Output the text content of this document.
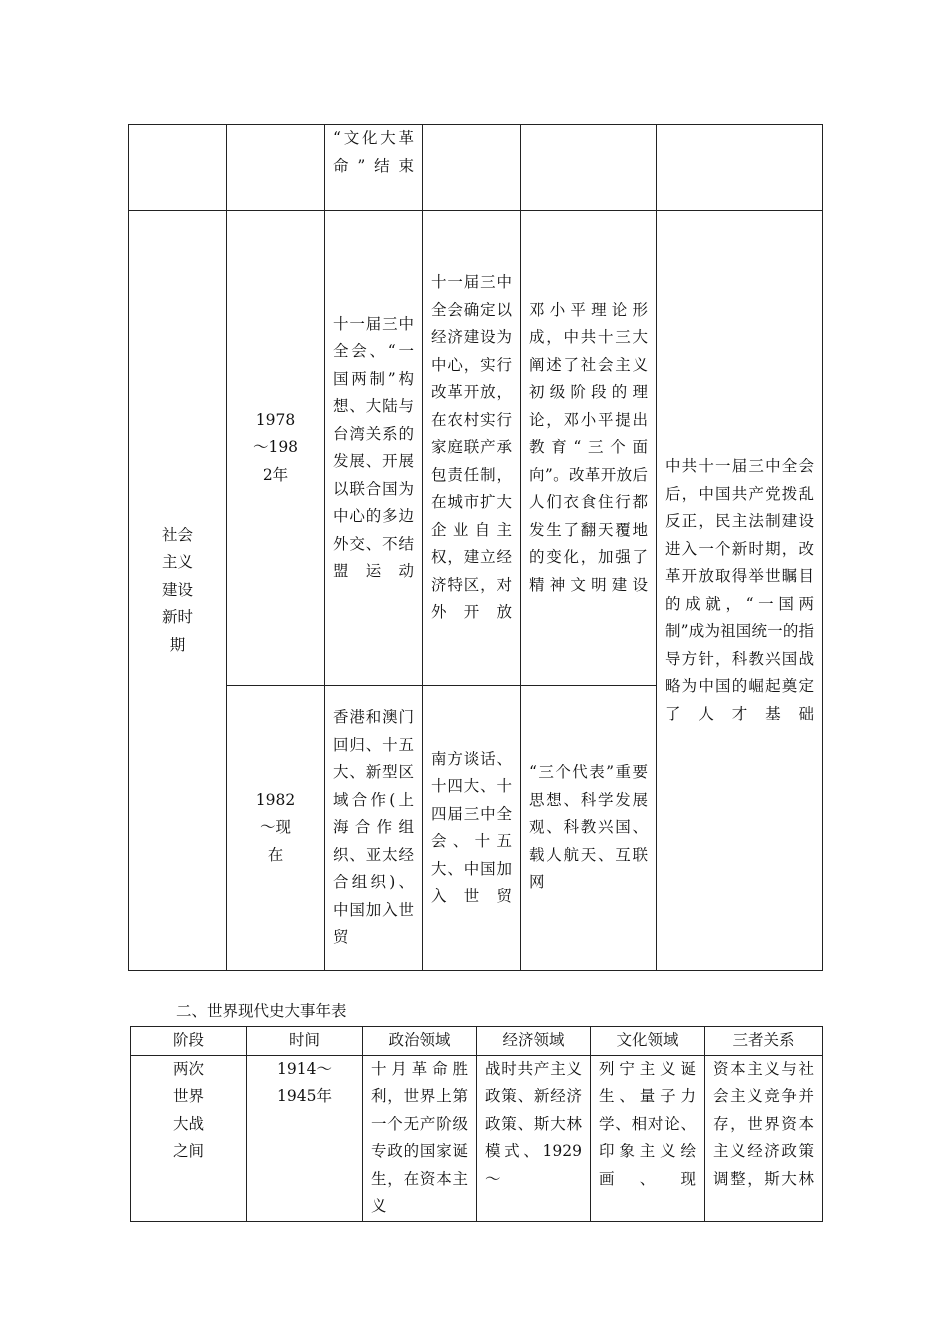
		“文化大革命”结束			
社会主义建设新时期	1978～1982年	十一届三中全会、“一国两制”构想、大陆与台湾关系的发展、开展以联合国为中心的多边外交、不结盟运动	十一届三中全会确定以经济建设为中心，实行改革开放，在农村实行家庭联产承包责任制，在城市扩大企业自主权，建立经济特区，对外开放	邓小平理论形成，中共十三大阐述了社会主义初级阶段的理论，邓小平提出教育“三个面向”。改革开放后人们衣食住行都发生了翻天覆地的变化，加强了精神文明建设	中共十一届三中全会后，中国共产党拨乱反正，民主法制建设进入一个新时期，改革开放取得举世瞩目的成就，“一国两制”成为祖国统一的指导方针，科教兴国战略为中国的崛起奠定了人才基础
	1982～现在	香港和澳门回归、十五大、新型区域合作(上海合作组织、亚太经合组织)、中国加入世贸	南方谈话、十四大、十四届三中全会、十五大、中国加入世贸	“三个代表”重要思想、科学发展观、科教兴国、载人航天、互联网	
二、世界现代史大事年表
阶段	时间	政治领域	经济领域	文化领域	三者关系
两次世界大战之间	1914～1945年	十月革命胜利，世界上第一个无产阶级专政的国家诞生，在资本主义	战时共产主义政策、新经济政策、斯大林模式、1929～	列宁主义诞生、量子力学、相对论、印象主义绘画、现	资本主义与社会主义竞争并存，世界资本主义经济政策调整，斯大林
